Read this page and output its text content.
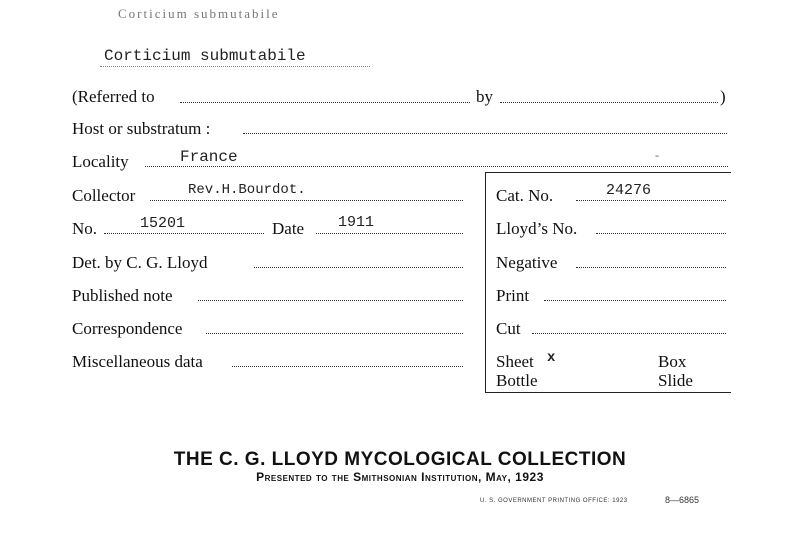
Corticium submutabile
Corticium submutabile
(Referred to	by	)
Host or substratum :
Locality	France	-
Collector	Rev.H.Bourdot.
No.	15201	Date 1911
Det. by C. G. Lloyd
Published note
Correspondence
Miscellaneous data
Cat. No.	24276
Lloyd’s No.
Negative
Print
Cut
Sheet x	Box
Bottle	Slide
THE C. G. LLOYD MYCOLOGICAL COLLECTION
Presented to the Smithsonian Institution, May, 1923
U. S. GOVERNMENT PRINTING OFFICE: 1923	8—6865
